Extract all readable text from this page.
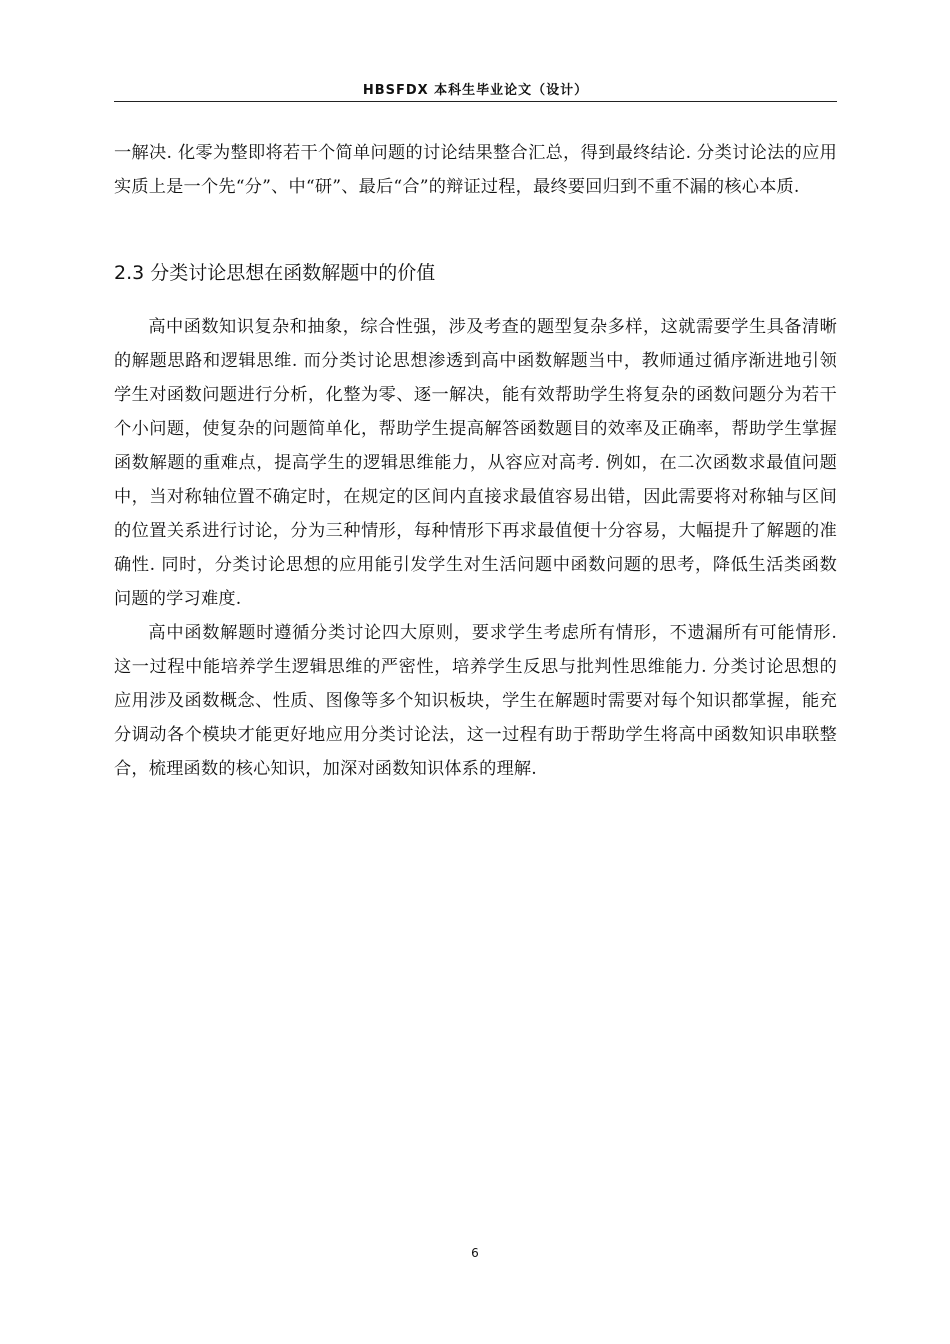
HBSFDX 本科生毕业论文（设计）

一解决. 化零为整即将若干个简单问题的讨论结果整合汇总，得到最终结论. 分类讨论法的应用实质上是一个先“分”、中“研”、最后“合”的辩证过程，最终要回归到不重不漏的核心本质.

2.3 分类讨论思想在函数解题中的价值

高中函数知识复杂和抽象，综合性强，涉及考查的题型复杂多样，这就需要学生具备清晰的解题思路和逻辑思维. 而分类讨论思想渗透到高中函数解题当中，教师通过循序渐进地引领学生对函数问题进行分析，化整为零、逐一解决，能有效帮助学生将复杂的函数问题分为若干个小问题，使复杂的问题简单化，帮助学生提高解答函数题目的效率及正确率，帮助学生掌握函数解题的重难点，提高学生的逻辑思维能力，从容应对高考. 例如，在二次函数求最值问题中，当对称轴位置不确定时，在规定的区间内直接求最值容易出错，因此需要将对称轴与区间的位置关系进行讨论，分为三种情形，每种情形下再求最值便十分容易，大幅提升了解题的准确性. 同时，分类讨论思想的应用能引发学生对生活问题中函数问题的思考，降低生活类函数问题的学习难度.

高中函数解题时遵循分类讨论四大原则，要求学生考虑所有情形，不遗漏所有可能情形. 这一过程中能培养学生逻辑思维的严密性，培养学生反思与批判性思维能力. 分类讨论思想的应用涉及函数概念、性质、图像等多个知识板块，学生在解题时需要对每个知识都掌握，能充分调动各个模块才能更好地应用分类讨论法，这一过程有助于帮助学生将高中函数知识串联整合，梳理函数的核心知识，加深对函数知识体系的理解.

6
